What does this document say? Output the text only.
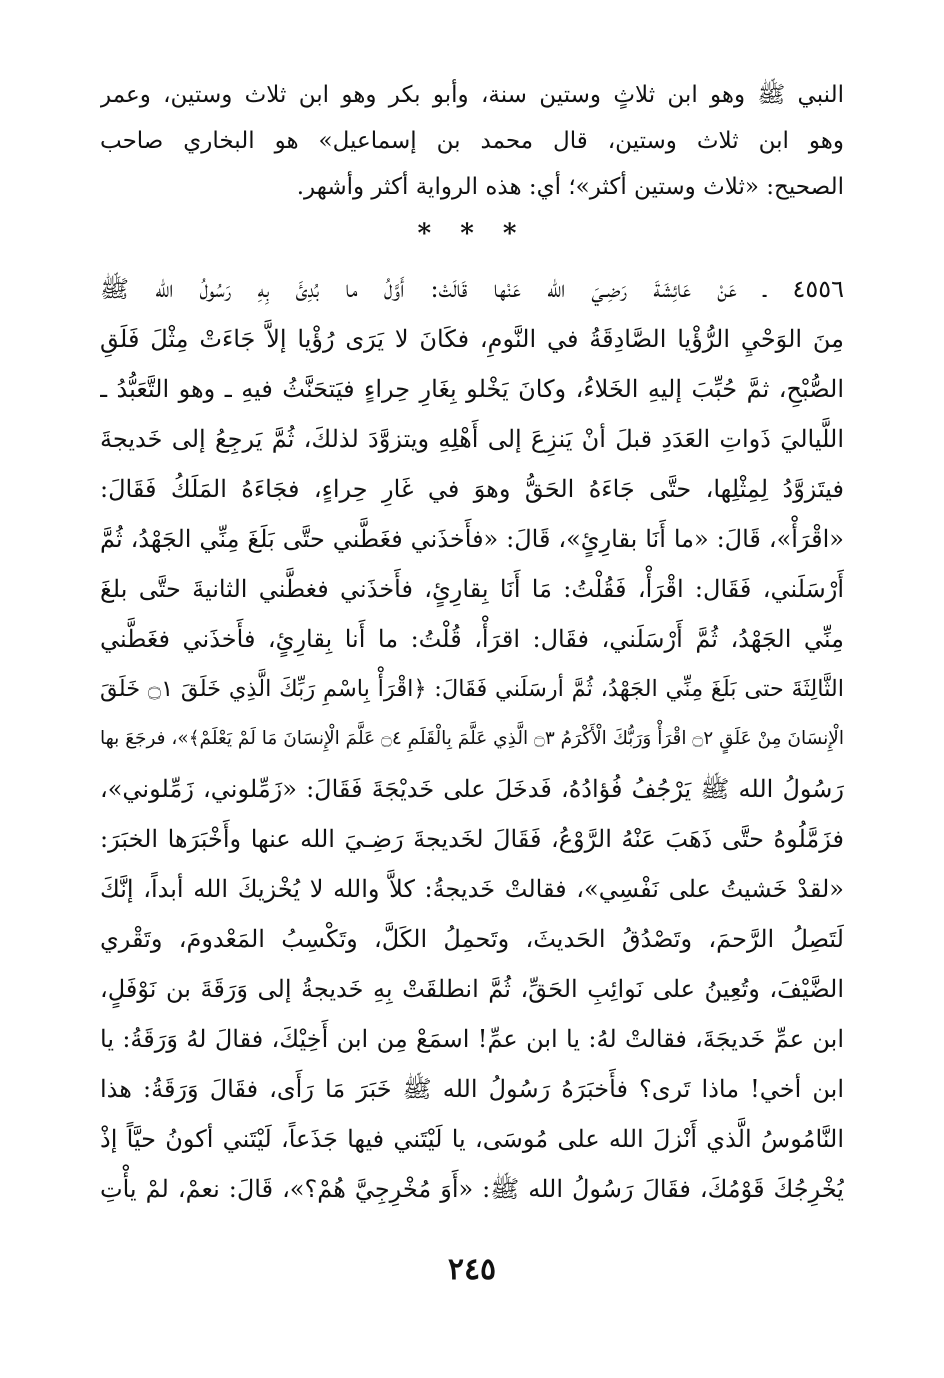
النبي ﷺ وهو ابن ثلاثٍ وستين سنة، وأبو بكر وهو ابن ثلاث وستين، وعمر
وهو ابن ثلاث وستين، قال محمد بن إسماعيل» هو البخاري صاحب
الصحيح: «ثلاث وستين أكثر»؛ أي: هذه الرواية أكثر وأشهر.
* * *
٤٥٥٦ ـ عَنْ عَائِشَةَ رَضِـيَ الله عَنْها قَالَتْ: أَوَّلُ ما بُدِئَ بِهِ رَسُولُ الله ﷺ
مِنَ الوَحْيِ الرُّؤْيا الصَّادِقَةُ في النَّومِ، فكَانَ لا يَرَى رُؤْيا إلاَّ جَاءَتْ مِثْلَ فَلَقِ
الصُّبْحِ، ثمَّ حُبِّبَ إليهِ الخَلاءُ، وكانَ يَخْلو بِغَارِ حِراءٍ فيَتحَنَّثُ فيهِ ـ وهو التَّعَبُّدُ ـ
اللَّياليَ ذَواتِ العَدَدِ قبلَ أنْ يَنزِعَ إلى أَهْلِهِ ويتزوَّدَ لذلكَ، ثُمَّ يَرجِعُ إلى خَديجةَ
فيتَزوَّدُ لِمِثْلِها، حتَّى جَاءَهُ الحَقُّ وهوَ في غَارِ حِراءٍ، فجَاءَهُ المَلَكُ فَقَالَ:
«اقْرَأْ»، قَالَ: «ما أَنَا بقارِئٍ»، قَالَ: «فأَخذَني فغَطَّني حتَّى بَلَغَ مِنِّي الجَهْدُ، ثُمَّ
أَرْسَلَني، فَقَال: اقْرَأْ، فَقُلْتُ: مَا أَنَا بِقارِئٍ، فأَخذَني فغطَّني الثانيةَ حتَّى بلغَ
مِنِّي الجَهْدُ، ثُمَّ أَرْسَلَني، فقَال: اقرَأْ، قُلْتُ: ما أَنا بِقارِئٍ، فأَخذَني فغَطَّني
الثَّالِثَةَ حتى بَلَغَ مِنِّي الجَهْدُ، ثُمَّ أرسَلَني فَقَالَ: ﴿اقْرَأْ بِاسْمِ رَبِّكَ الَّذِي خَلَقَ ۝١ خَلَقَ
الْإِنسَانَ مِنْ عَلَقٍ ۝٢ اقْرَأْ وَرَبُّكَ الْأَكْرَمُ ۝٣ الَّذِي عَلَّمَ بِالْقَلَمِ ۝٤ عَلَّمَ الْإِنسَانَ مَا لَمْ يَعْلَمْ﴾»، فرجَعَ بها
رَسُولُ الله ﷺ يَرْجُفُ فُؤادُهُ، فَدخَلَ على خَديْجَةَ فَقَالَ: «زَمِّلوني، زَمِّلوني»،
فزَمَّلُوهُ حتَّى ذَهَبَ عَنْهُ الرَّوْعُ، فَقَالَ لخَديجةَ رَضِـيَ الله عنها وأَخْبَرَها الخبَرَ:
«لقدْ خَشيتُ على نَفْسِي»، فقالتْ خَديجةُ: كلاَّ والله لا يُخْزيكَ الله أبداً، إنَّكَ
لَتَصِلُ الرَّحمَ، وتَصْدُقُ الحَديثَ، وتَحمِلُ الكَلَّ، وتَكْسِبُ المَعْدومَ، وتَقْري
الضَّيْفَ، وتُعِينُ على نَوائِبِ الحَقِّ، ثُمَّ انطلقَتْ بِهِ خَديجةُ إلى وَرَقَةَ بن نَوْفَلٍ،
ابن عمِّ خَديجَةَ، فقالتْ لهُ: يا ابن عمِّ! اسمَعْ مِن ابن أَخِيْكَ، فقالَ لهُ وَرَقَةُ: يا
ابن أخي! ماذا تَرى؟ فأَخبَرَهُ رَسُولُ الله ﷺ خَبَرَ مَا رَأَى، فقَالَ وَرَقَةُ: هذا
النَّامُوسُ الَّذي أَنْزلَ الله على مُوسَى، يا لَيْتَني فيها جَذَعاً، لَيْتَني أكونُ حيَّاً إذْ
يُخْرِجُكَ قَوْمُكَ، فقَالَ رَسُولُ الله ﷺ: «أَوَ مُخْرِجِيَّ هُمْ؟»، قَالَ: نعمْ، لمْ يأْتِ
٢٤٥
